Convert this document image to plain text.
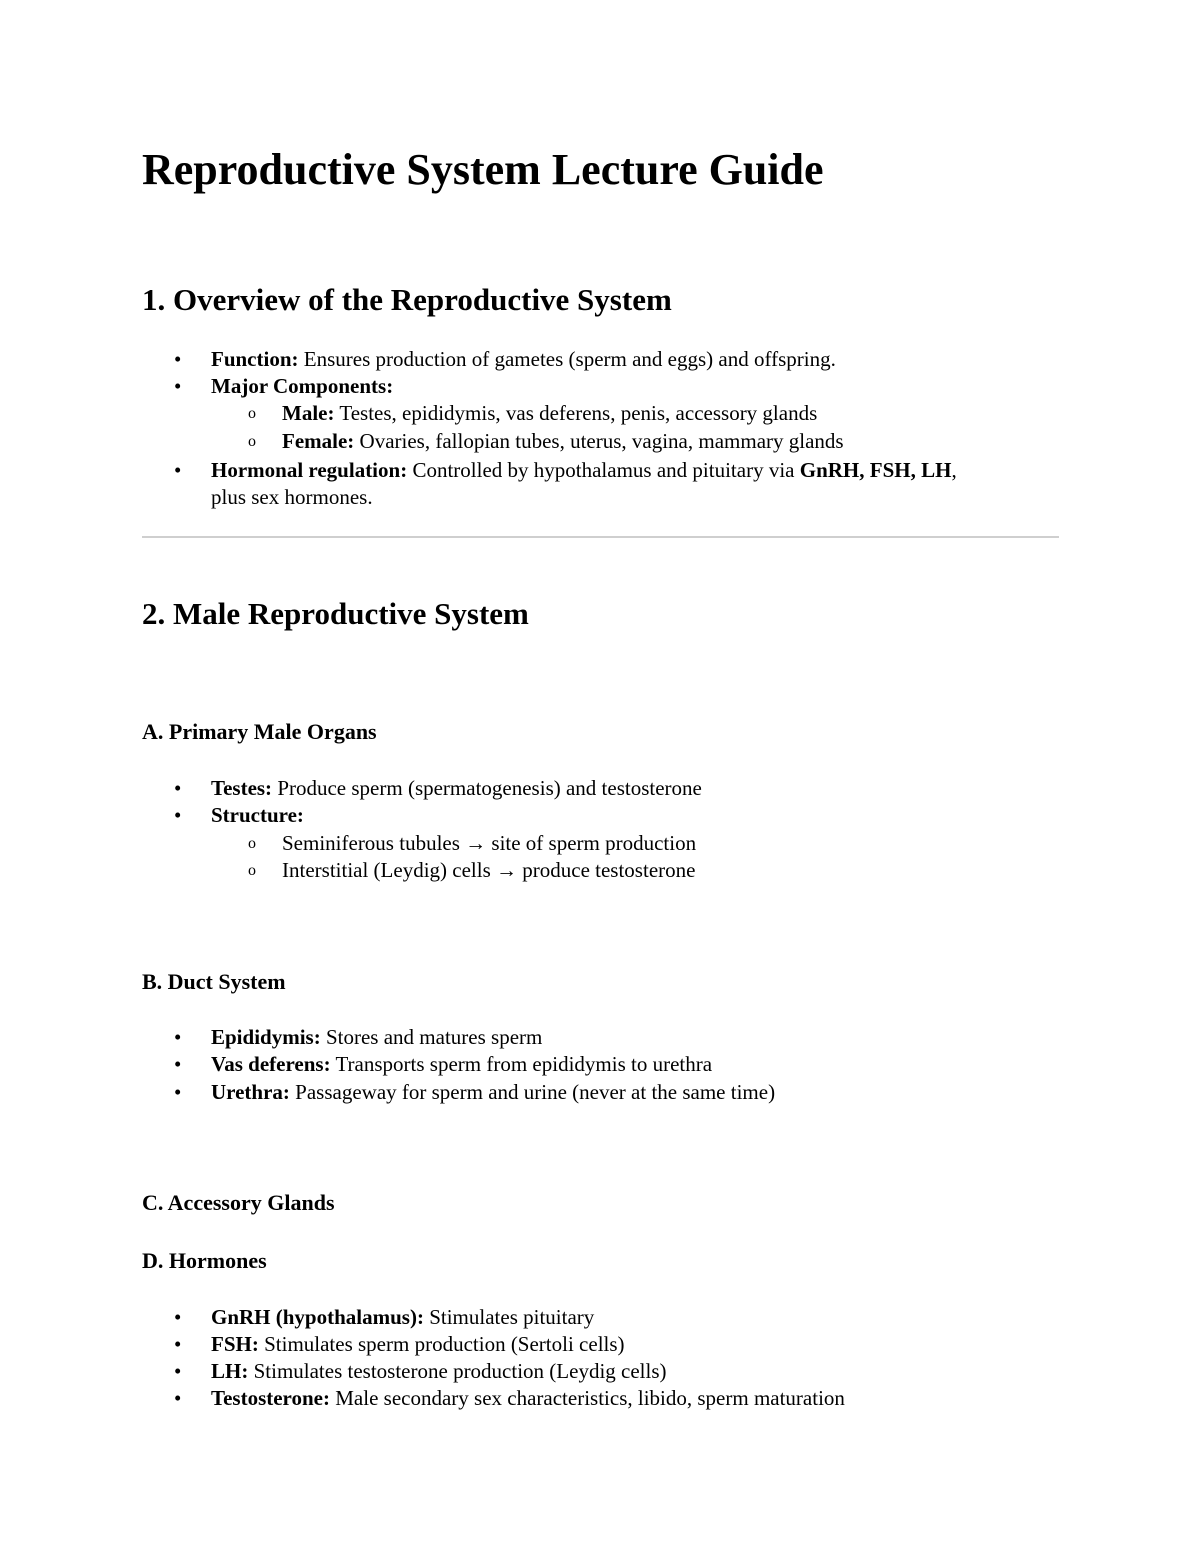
Reproductive System Lecture Guide
1. Overview of the Reproductive System
• Function: Ensures production of gametes (sperm and eggs) and offspring.
• Major Components:
o Male: Testes, epididymis, vas deferens, penis, accessory glands
o Female: Ovaries, fallopian tubes, uterus, vagina, mammary glands
• Hormonal regulation: Controlled by hypothalamus and pituitary via GnRH, FSH, LH,
plus sex hormones.
2. Male Reproductive System
A. Primary Male Organs
• Testes: Produce sperm (spermatogenesis) and testosterone
• Structure:
o Seminiferous tubules → site of sperm production
o Interstitial (Leydig) cells → produce testosterone
B. Duct System
• Epididymis: Stores and matures sperm
• Vas deferens: Transports sperm from epididymis to urethra
• Urethra: Passageway for sperm and urine (never at the same time)
C. Accessory Glands
D. Hormones
• GnRH (hypothalamus): Stimulates pituitary
• FSH: Stimulates sperm production (Sertoli cells)
• LH: Stimulates testosterone production (Leydig cells)
• Testosterone: Male secondary sex characteristics, libido, sperm maturation
